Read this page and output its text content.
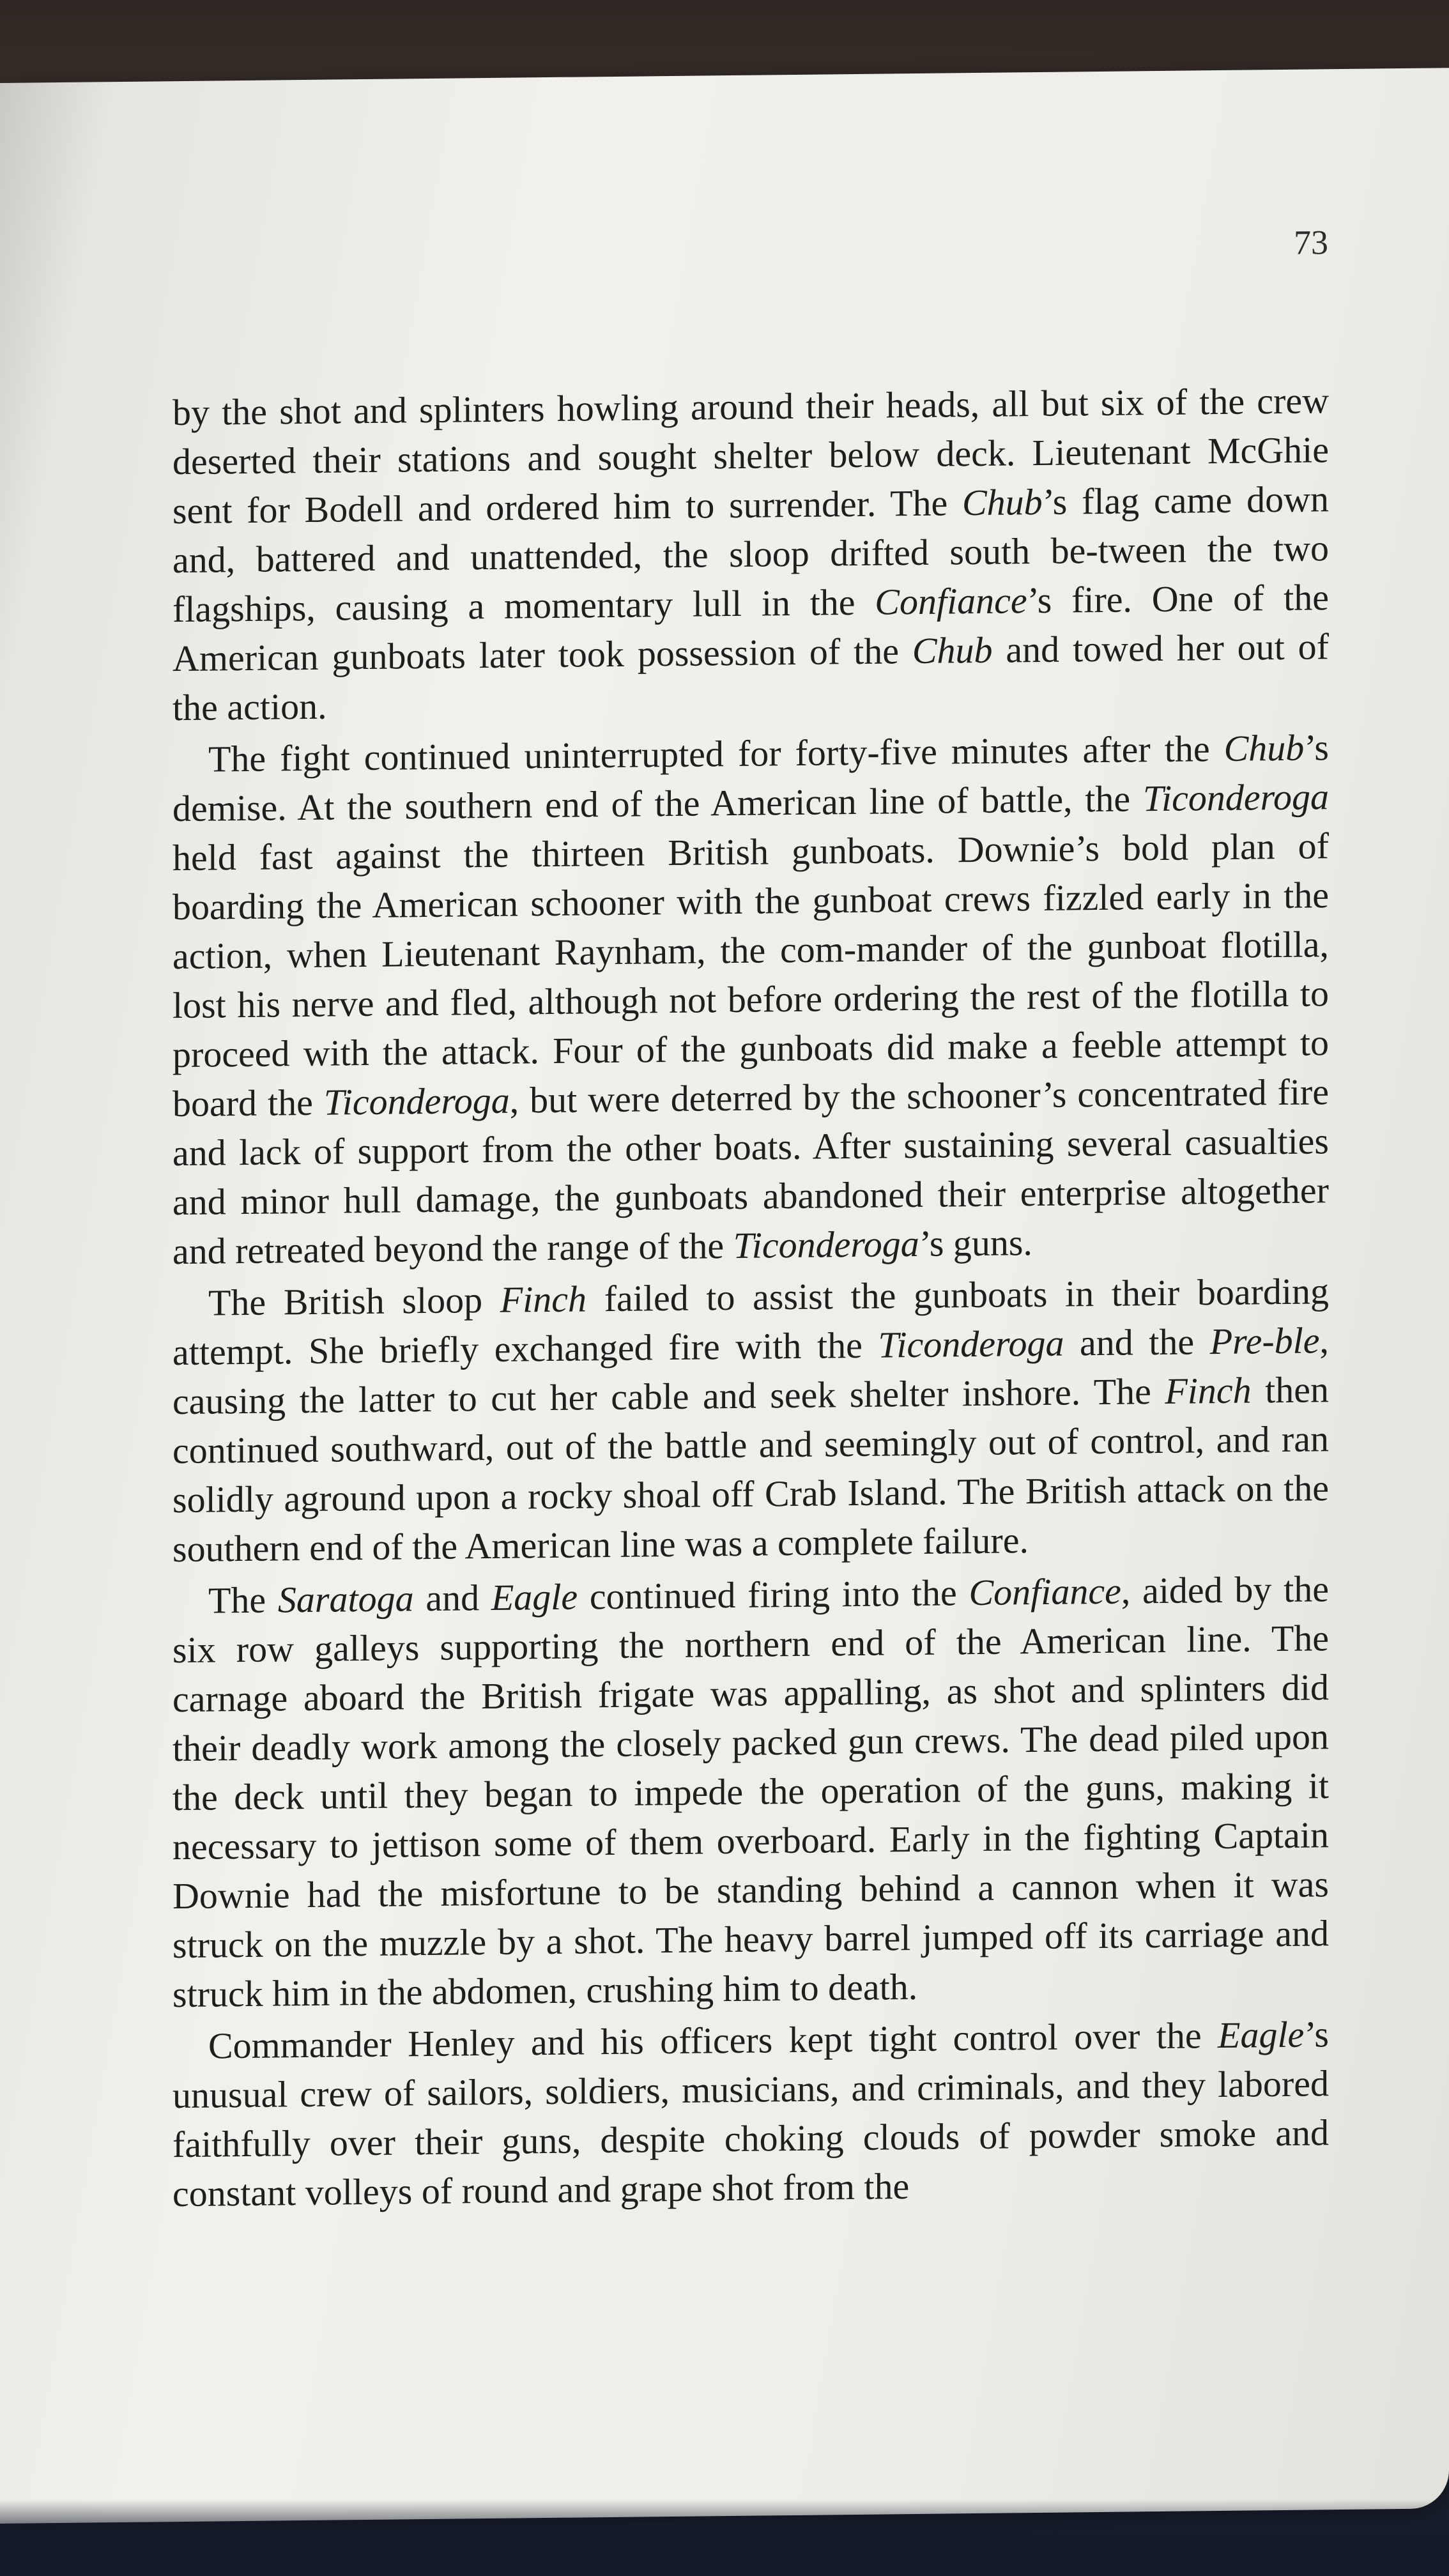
73

by the shot and splinters howling around their heads, all but six of the crew deserted their stations and sought shelter below deck. Lieutenant McGhie sent for Bodell and ordered him to surrender. The Chub’s flag came down and, battered and unattended, the sloop drifted south be-tween the two flagships, causing a momentary lull in the Confiance’s fire. One of the American gunboats later took possession of the Chub and towed her out of the action.

The fight continued uninterrupted for forty-five minutes after the Chub’s demise. At the southern end of the American line of battle, the Ticonderoga held fast against the thirteen British gunboats. Downie’s bold plan of boarding the American schooner with the gunboat crews fizzled early in the action, when Lieutenant Raynham, the com-mander of the gunboat flotilla, lost his nerve and fled, although not before ordering the rest of the flotilla to proceed with the attack. Four of the gunboats did make a feeble attempt to board the Ticonderoga, but were deterred by the schooner’s concentrated fire and lack of support from the other boats. After sustaining several casualties and minor hull damage, the gunboats abandoned their enterprise altogether and retreated beyond the range of the Ticonderoga’s guns.

The British sloop Finch failed to assist the gunboats in their boarding attempt. She briefly exchanged fire with the Ticonderoga and the Pre-ble, causing the latter to cut her cable and seek shelter inshore. The Finch then continued southward, out of the battle and seemingly out of control, and ran solidly aground upon a rocky shoal off Crab Island. The British attack on the southern end of the American line was a complete failure.

The Saratoga and Eagle continued firing into the Confiance, aided by the six row galleys supporting the northern end of the American line. The carnage aboard the British frigate was appalling, as shot and splinters did their deadly work among the closely packed gun crews. The dead piled upon the deck until they began to impede the operation of the guns, making it necessary to jettison some of them overboard. Early in the fighting Captain Downie had the misfortune to be standing behind a cannon when it was struck on the muzzle by a shot. The heavy barrel jumped off its carriage and struck him in the abdomen, crushing him to death.

Commander Henley and his officers kept tight control over the Eagle’s unusual crew of sailors, soldiers, musicians, and criminals, and they labored faithfully over their guns, despite choking clouds of powder smoke and constant volleys of round and grape shot from the
